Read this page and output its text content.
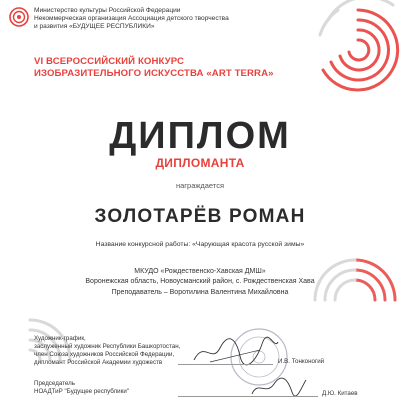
Министерство культуры Российской Федерации
Некоммерческая организация Ассоциация детского творчества
и развития «БУДУЩЕЕ РЕСПУБЛИКИ»
VI ВСЕРОССИЙСКИЙ КОНКУРС
ИЗОБРАЗИТЕЛЬНОГО ИСКУССТВА «ART TERRA»
ДИПЛОМ
ДИПЛОМАНТА
награждается
ЗОЛОТАРЁВ РОМАН
Название конкурсной работы: «Чарующая красота русской зимы»
МКУДО «Рождественско-Хавская ДМШ»
Воронежская область, Новоусманский район, с. Рождественская Хава
Преподаватель – Воротилина Валентина Михайловна
Художник-график,
заслуженный художник Республики Башкортостан,
член Союза художников Российской Федерации,
дипломант Российской Академии художеств	И.В. Тонконогий
Председатель
НОАДТиР "Будущее республики"	Д.Ю. Китаев
